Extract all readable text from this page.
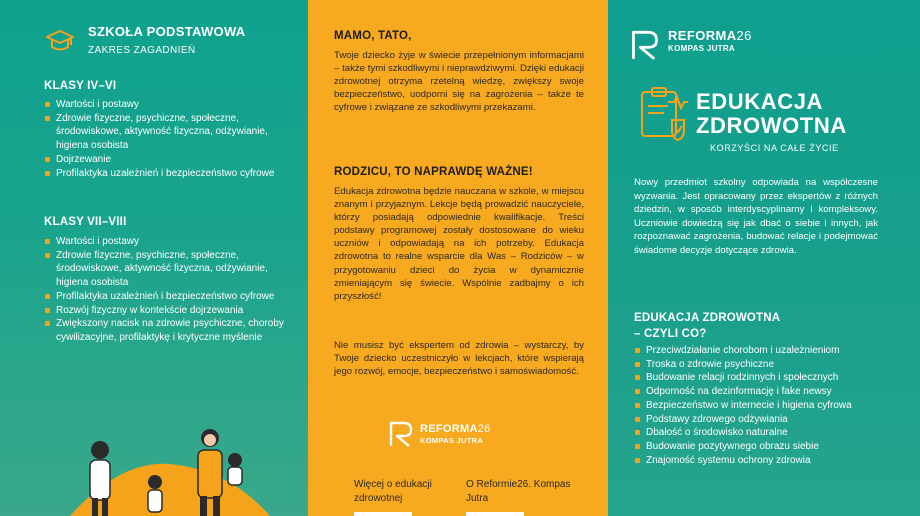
SZKOŁA PODSTAWOWA
ZAKRES ZAGADNIEŃ
KLASY IV–VI
Wartości i postawy
Zdrowie fizyczne, psychiczne, społeczne, środowiskowe, aktywność fizyczna, odżywianie, higiena osobista
Dojrzewanie
Profilaktyka uzależnień i bezpieczeństwo cyfrowe
KLASY VII–VIII
Wartości i postawy
Zdrowie fizyczne, psychiczne, społeczne, środowiskowe, aktywność fizyczna, odżywianie, higiena osobista
Profilaktyka uzależnień i bezpieczeństwo cyfrowe
Rozwój fizyczny w kontekście dojrzewania
Zwiększony nacisk na zdrowie psychiczne, choroby cywilizacyjne, profilaktykę i krytyczne myślenie
MAMO, TATO,

Twoje dziecko żyje w świecie przepełnionym informacjami – także tymi szkodliwymi i nieprawdziwymi. Dzięki edukacji zdrowotnej otrzyma rzetelną wiedzę, zwiększy swoje bezpieczeństwo, uodporni się na zagrożenia – także te cyfrowe i związane ze szkodliwymi przekazami.

RODZICU, TO NAPRAWDĘ WAŻNE!

Edukacja zdrowotna będzie nauczana w szkole, w miejscu znanym i przyjaznym. Lekcje będą prowadzić nauczyciele, którzy posiadają odpowiednie kwalifikacje. Treści podstawy programowej zostały dostosowane do wieku uczniów i odpowiadają na ich potrzeby. Edukacja zdrowotna to realne wsparcie dla Was – Rodziców – w przygotowaniu dzieci do życia w dynamicznie zmieniającym się świecie. Wspólnie zadbajmy o ich przyszłość!

Nie musisz być ekspertem od zdrowia – wystarczy, by Twoje dziecko uczestniczyło w lekcjach, które wspierają jego rozwój, emocje, bezpieczeństwo i samoświadomość.

REFORMA26
KOMPAS JUTRA
Więcej o edukacji zdrowotnej
O Reformie26. Kompas Jutra
REFORMA26
KOMPAS JUTRA
EDUKACJA
ZDROWOTNA
KORZYŚCI NA CAŁE ŻYCIE
Nowy przedmiot szkolny odpowiada na współczesne wyzwania. Jest opracowany przez ekspertów z różnych dziedzin, w sposób interdyscyplinarny i kompleksowy. Uczniowie dowiedzą się jak dbać o siebie i innych, jak rozpoznawać zagrożenia, budować relacje i podejmować świadome decyzje dotyczące zdrowia.
EDUKACJA ZDROWOTNA
– CZYLI CO?
Przeciwdziałanie chorobom i uzależnieniom
Troska o zdrowie psychiczne
Budowanie relacji rodzinnych i społecznych
Odporność na dezinformację i fake newsy
Bezpieczeństwo w internecie i higiena cyfrowa
Podstawy zdrowego odżywiania
Dbałość o środowisko naturalne
Budowanie pozytywnego obrazu siebie
Znajomość systemu ochrony zdrowia
